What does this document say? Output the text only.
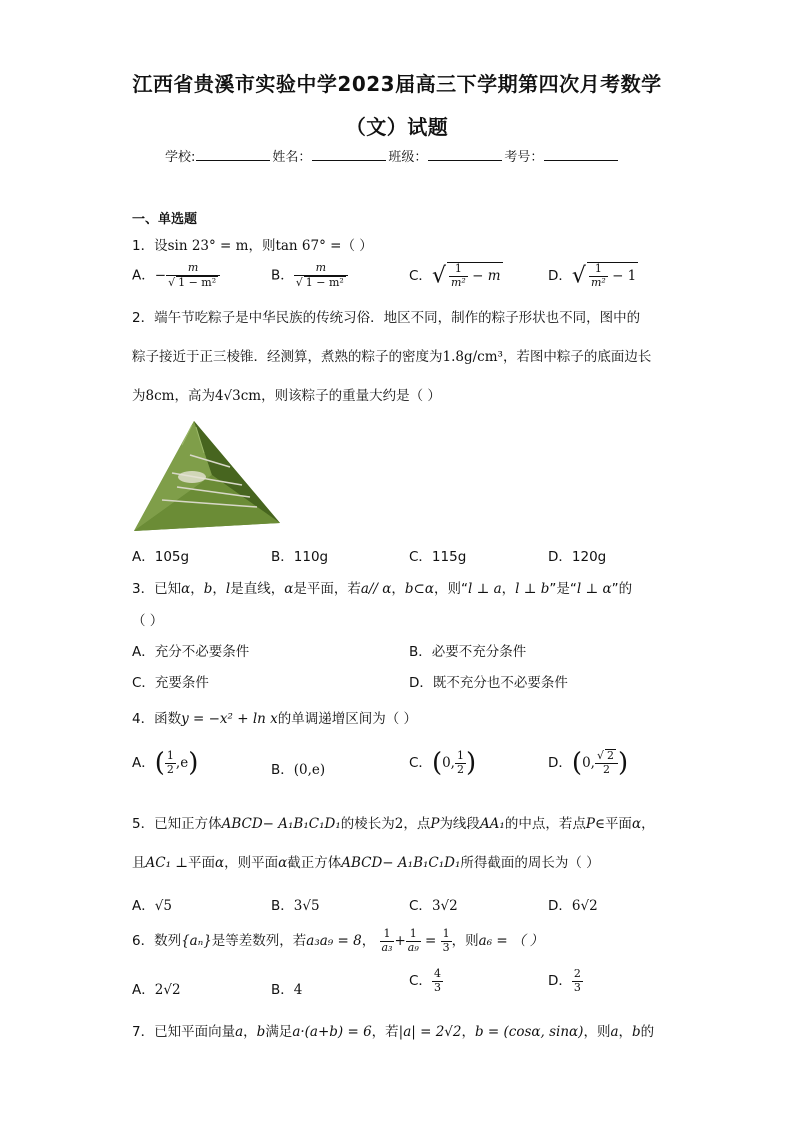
江西省贵溪市实验中学2023届高三下学期第四次月考数学
（文）试题
学校:	姓名：	班级：	考号：
一、单选题
1．设sin 23° = m，则tan 67° =（ ）
A．− $\frac{m}{\text{√ 1 − m²}}$	B． $\frac{m}{\text{√ 1 − m²}}$	C．√ $\frac{1}{\text{m²}} - m$	D．√ $\frac{1}{\text{m²}} - 1$
2．端午节吃粽子是中华民族的传统习俗．地区不同，制作的粽子形状也不同，图中的
粽子接近于正三棱锥．经测算，煮熟的粽子的密度为1.8g/cm³，若图中粽子的底面边长
为8cm，高为4√3cm，则该粽子的重量大约是（ ）
A．105g	B．110g	C．115g	D．120g
3．已知α，b，l是直线，α是平面，若a// α，b⊂α，则“l ⊥ a，l ⊥ b”是“l ⊥ α”的
（ ）
A．充分不必要条件	B．必要不充分条件
C．充要条件	D．既不充分也不必要条件
4．函数y = −x² + ln x的单调递增区间为（ ）
A．( $\frac{1}{2} ,e$)	B．(0,e)	C．(0, $\frac{1}{2}$ )	D．(0, $\frac{√ 2}{2}$ )
5．已知正方体ABCD− A₁B₁C₁D₁的棱长为2，点P为线段AA₁的中点，若点P∈平面α，
且AC₁ ⊥平面α，则平面α截正方体ABCD− A₁B₁C₁D₁所得截面的周长为（ ）
A．√5	B．3√5	C．3√2	D．6√2
6．数列{aₙ}是等差数列，若a₃a₉ = 8， $\frac{1}{\text{a₃}} + \frac{1}{\text{a₉}} = \frac{1}{3}$ ，则a₆ = （ ）
A．2√2	B．4
C． $\frac{4}{3}$	D． $\frac{2}{3}$
7．已知平面向量a，b满足a·(a+b) = 6，若|a| = 2√2，b = (cosα, sinα)，则a，b的
